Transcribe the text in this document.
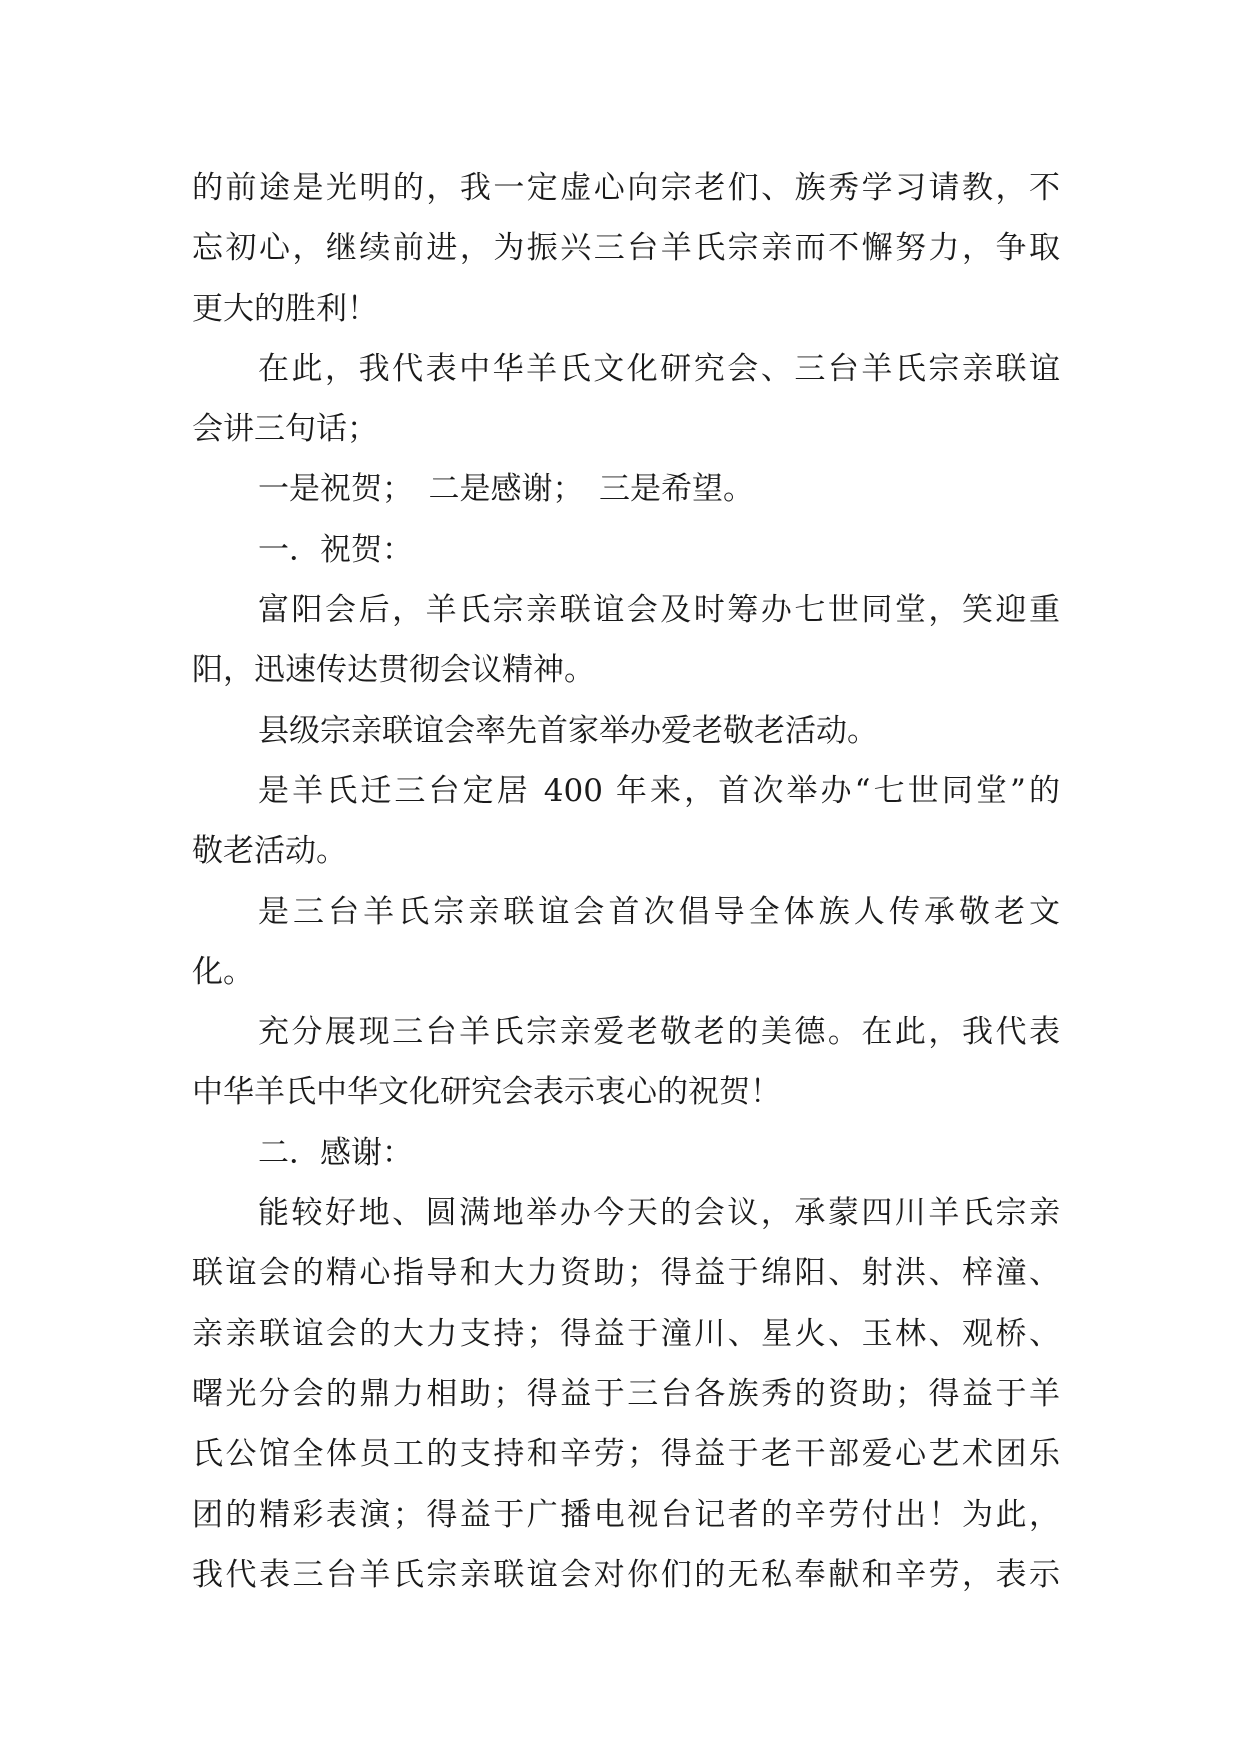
的前途是光明的，我一定虚心向宗老们、族秀学习请教，不
忘初心，继续前进，为振兴三台羊氏宗亲而不懈努力，争取
更大的胜利！
在此，我代表中华羊氏文化研究会、三台羊氏宗亲联谊
会讲三句话；
一是祝贺；　二是感谢；　三是希望。
一．祝贺：
富阳会后，羊氏宗亲联谊会及时筹办七世同堂，笑迎重
阳，迅速传达贯彻会议精神。
县级宗亲联谊会率先首家举办爱老敬老活动。
是羊氏迁三台定居 400 年来，首次举办“七世同堂”的
敬老活动。
是三台羊氏宗亲联谊会首次倡导全体族人传承敬老文
化。
充分展现三台羊氏宗亲爱老敬老的美德。在此，我代表
中华羊氏中华文化研究会表示衷心的祝贺！
二．感谢：
能较好地、圆满地举办今天的会议，承蒙四川羊氏宗亲
联谊会的精心指导和大力资助；得益于绵阳、射洪、梓潼、
亲亲联谊会的大力支持；得益于潼川、星火、玉林、观桥、
曙光分会的鼎力相助；得益于三台各族秀的资助；得益于羊
氏公馆全体员工的支持和辛劳；得益于老干部爱心艺术团乐
团的精彩表演；得益于广播电视台记者的辛劳付出！为此，
我代表三台羊氏宗亲联谊会对你们的无私奉献和辛劳，表示
